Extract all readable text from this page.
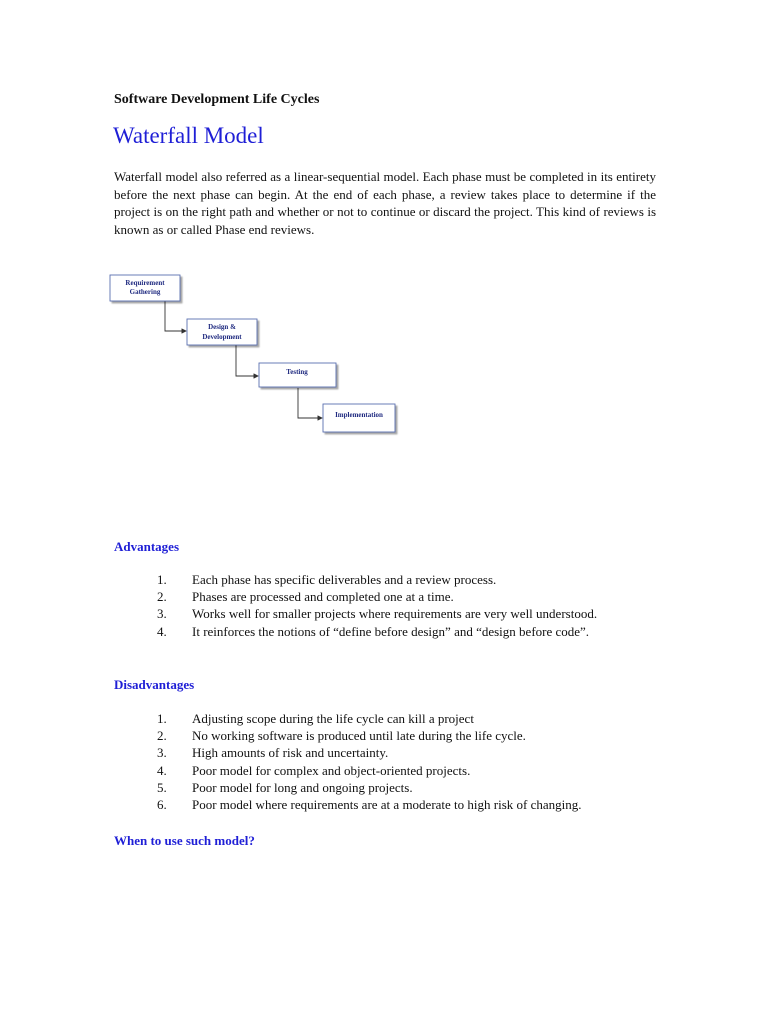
Software Development Life Cycles
Waterfall Model

Waterfall model also referred as a linear-sequential model. Each phase must be completed in its entirety before the next phase can begin. At the end of each phase, a review takes place to determine if the project is on the right path and whether or not to continue or discard the project. This kind of reviews is known as or called Phase end reviews.

Requirement
Gathering
Design &
Development
Testing
Implementation
Advantages
1. Each phase has specific deliverables and a review process.
2. Phases are processed and completed one at a time.
3. Works well for smaller projects where requirements are very well understood.
4. It reinforces the notions of “define before design” and “design before code”.
Disadvantages
1. Adjusting scope during the life cycle can kill a project
2. No working software is produced until late during the life cycle.
3. High amounts of risk and uncertainty.
4. Poor model for complex and object-oriented projects.
5. Poor model for long and ongoing projects.
6. Poor model where requirements are at a moderate to high risk of changing.
When to use such model?
